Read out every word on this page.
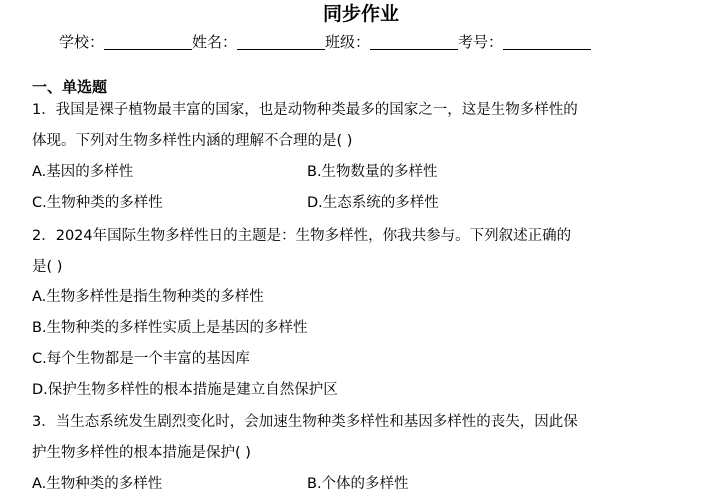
同步作业
学校：	姓名：	班级：	考号：
一、单选题
1．我国是裸子植物最丰富的国家，也是动物种类最多的国家之一，这是生物多样性的
体现。下列对生物多样性内涵的理解不合理的是( )
A.基因的多样性	B.生物数量的多样性
C.生物种类的多样性	D.生态系统的多样性
2．2024年国际生物多样性日的主题是：生物多样性，你我共参与。下列叙述正确的
是( )
A.生物多样性是指生物种类的多样性
B.生物种类的多样性实质上是基因的多样性
C.每个生物都是一个丰富的基因库
D.保护生物多样性的根本措施是建立自然保护区
3．当生态系统发生剧烈变化时，会加速生物种类多样性和基因多样性的丧失，因此保
护生物多样性的根本措施是保护( )
A.生物种类的多样性	B.个体的多样性
